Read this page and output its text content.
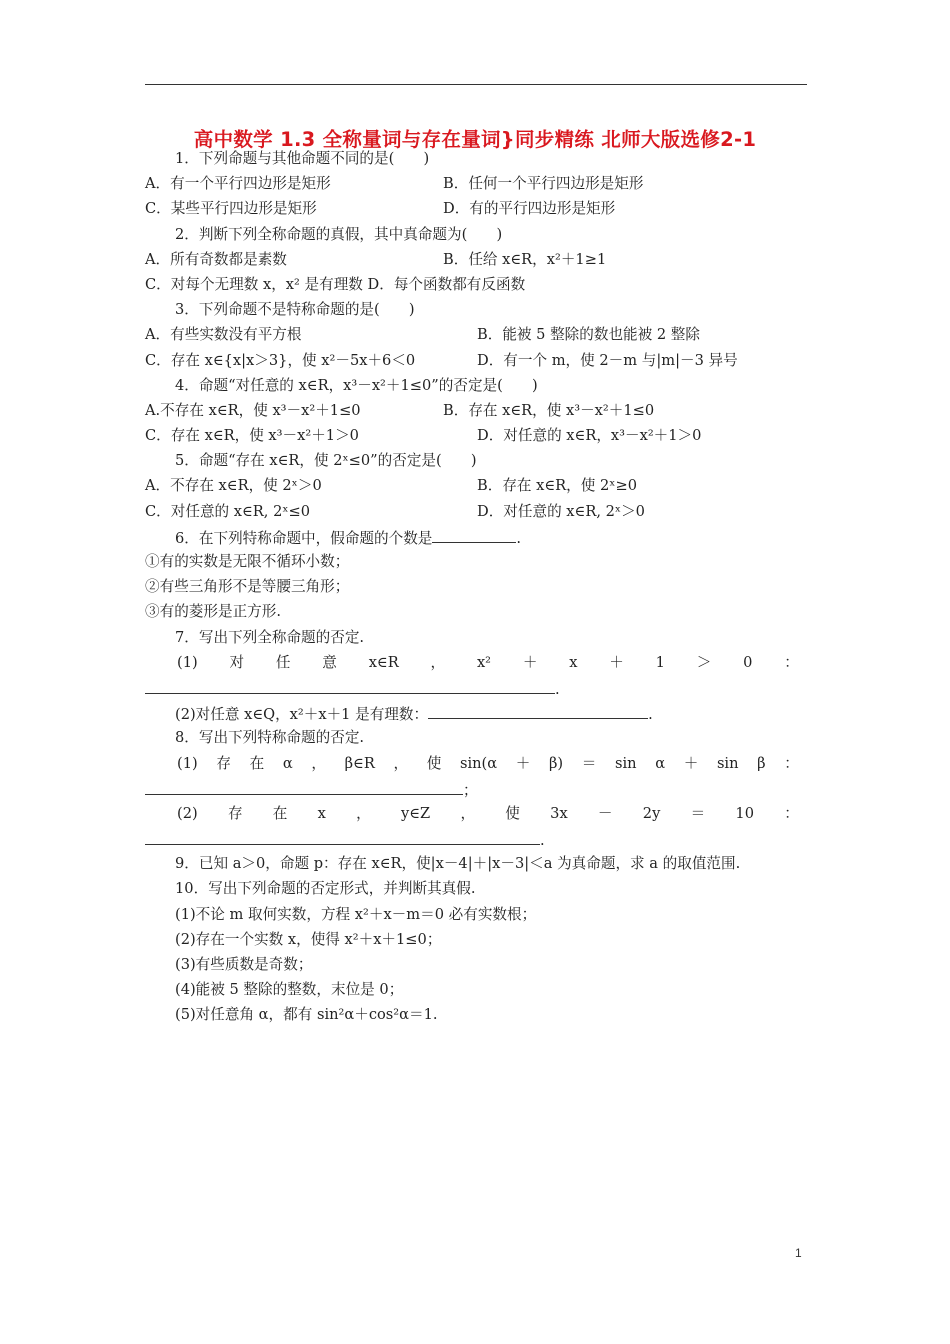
高中数学 1.3 全称量词与存在量词}同步精练 北师大版选修2-1
1．下列命题与其他命题不同的是(　　)
A．有一个平行四边形是矩形	B．任何一个平行四边形是矩形
C．某些平行四边形是矩形	D．有的平行四边形是矩形
2．判断下列全称命题的真假，其中真命题为(　　)
A．所有奇数都是素数	B．任给 x∈R，x²＋1≥1
C．对每个无理数 x，x² 是有理数 D．每个函数都有反函数
3．下列命题不是特称命题的是(　　)
A．有些实数没有平方根	B．能被 5 整除的数也能被 2 整除
C．存在 x∈{x|x＞3}，使 x²－5x＋6＜0	D．有一个 m，使 2－m 与|m|－3 异号
4．命题“对任意的 x∈R，x³－x²＋1≤0”的否定是(　　)
A.不存在 x∈R，使 x³－x²＋1≤0	B．存在 x∈R，使 x³－x²＋1≤0
C．存在 x∈R，使 x³－x²＋1＞0	D．对任意的 x∈R，x³－x²＋1＞0
5．命题“存在 x∈R，使 2ˣ≤0”的否定是(　　)
A．不存在 x∈R，使 2ˣ＞0	B．存在 x∈R，使 2ˣ≥0
C．对任意的 x∈R, 2ˣ≤0	D．对任意的 x∈R, 2ˣ＞0
6．在下列特称命题中，假命题的个数是	.
①有的实数是无限不循环小数；
②有些三角形不是等腰三角形；
③有的菱形是正方形.
7．写出下列全称命题的否定.
(1) 对 任 意 x∈R ， x² ＋ x ＋ 1 ＞ 0 ：
.
(2)对任意 x∈Q，x²＋x＋1 是有理数：	.
8．写出下列特称命题的否定.
(1) 存 在 α ， β∈R ， 使 sin(α ＋ β) ＝ sin α ＋ sin β ：
；
(2) 存 在 x ， y∈Z ， 使 3x － 2y ＝ 10 ：
.
9．已知 a＞0，命题 p：存在 x∈R，使|x－4|＋|x－3|＜a 为真命题，求 a 的取值范围.
10．写出下列命题的否定形式，并判断其真假.
(1)不论 m 取何实数，方程 x²＋x－m＝0 必有实数根；
(2)存在一个实数 x，使得 x²＋x＋1≤0；
(3)有些质数是奇数；
(4)能被 5 整除的整数，末位是 0；
(5)对任意角 α，都有 sin²α＋cos²α＝1.
1
